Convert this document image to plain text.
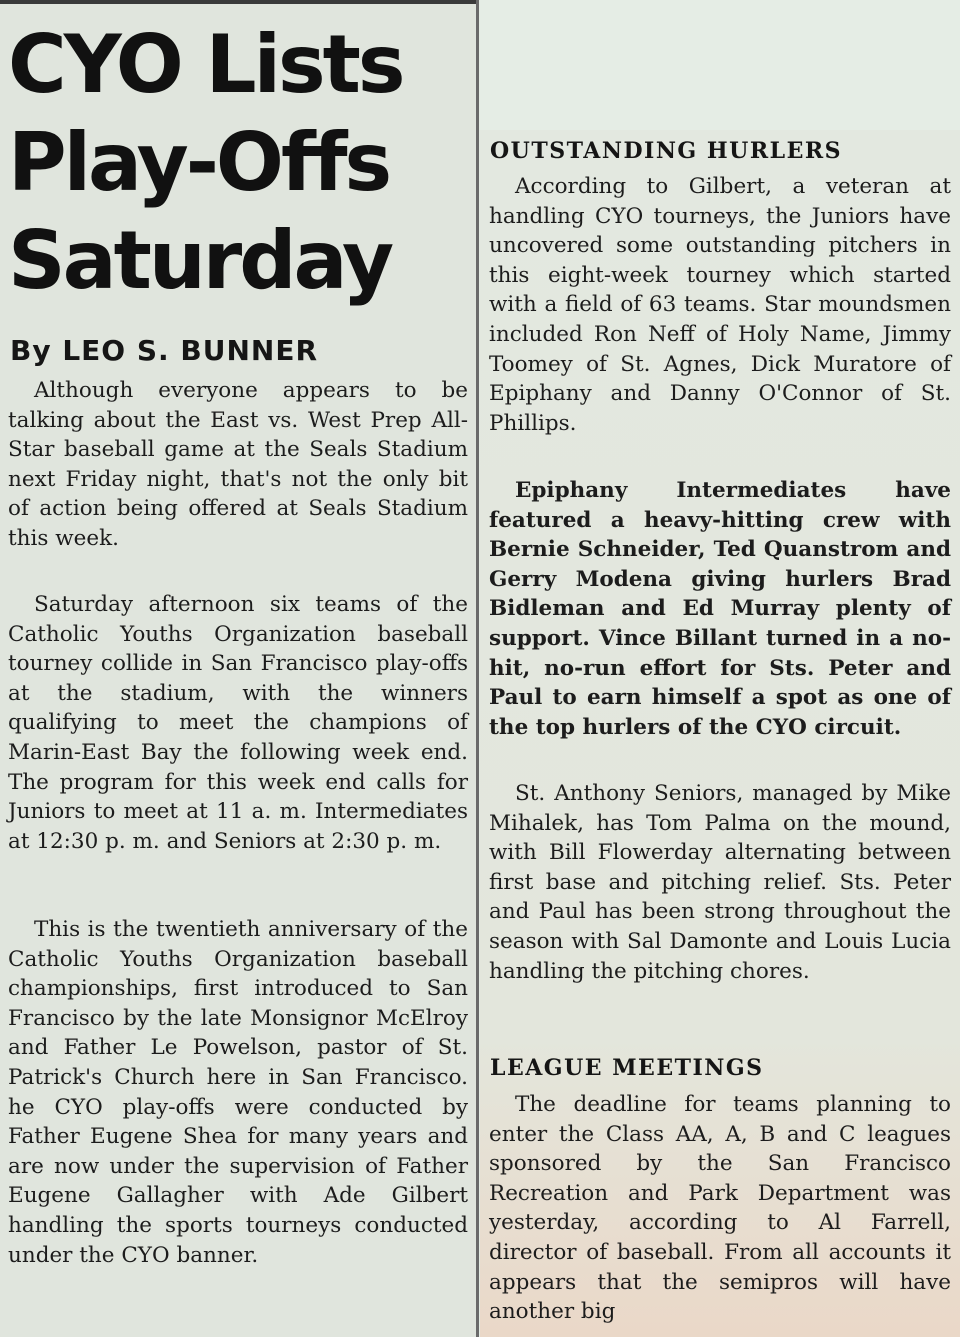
CYO Lists Play-Offs Saturday

By LEO S. BUNNER

Although everyone appears to be talking about the East vs. West Prep All-Star baseball game at the Seals Stadium next Friday night, that's not the only bit of action being offered at Seals Stadium this week.

Saturday afternoon six teams of the Catholic Youths Organization baseball tourney collide in San Francisco play-offs at the stadium, with the winners qualifying to meet the champions of Marin-East Bay the following week end. The program for this week end calls for Juniors to meet at 11 a. m. Intermediates at 12:30 p. m. and Seniors at 2:30 p. m.

This is the twentieth anniversary of the Catholic Youths Organization baseball championships, first introduced to San Francisco by the late Monsignor McElroy and Father Le Powelson, pastor of St. Patrick's Church here in San Francisco. he CYO play-offs were conducted by Father Eugene Shea for many years and are now under the supervision of Father Eugene Gallagher with Ade Gilbert handling the sports tourneys conducted under the CYO banner.

OUTSTANDING HURLERS

According to Gilbert, a veteran at handling CYO tourneys, the Juniors have uncovered some outstanding pitchers in this eight-week tourney which started with a field of 63 teams. Star moundsmen included Ron Neff of Holy Name, Jimmy Toomey of St. Agnes, Dick Muratore of Epiphany and Danny O'Connor of St. Phillips.

Epiphany Intermediates have featured a heavy-hitting crew with Bernie Schneider, Ted Quanstrom and Gerry Modena giving hurlers Brad Bidleman and Ed Murray plenty of support. Vince Billant turned in a no-hit, no-run effort for Sts. Peter and Paul to earn himself a spot as one of the top hurlers of the CYO circuit.

St. Anthony Seniors, managed by Mike Mihalek, has Tom Palma on the mound, with Bill Flowerday alternating between first base and pitching relief. Sts. Peter and Paul has been strong throughout the season with Sal Damonte and Louis Lucia handling the pitching chores.

LEAGUE MEETINGS

The deadline for teams planning to enter the Class AA, A, B and C leagues sponsored by the San Francisco Recreation and Park Department was yesterday, according to Al Farrell, director of baseball. From all accounts it appears that the semipros will have another big
